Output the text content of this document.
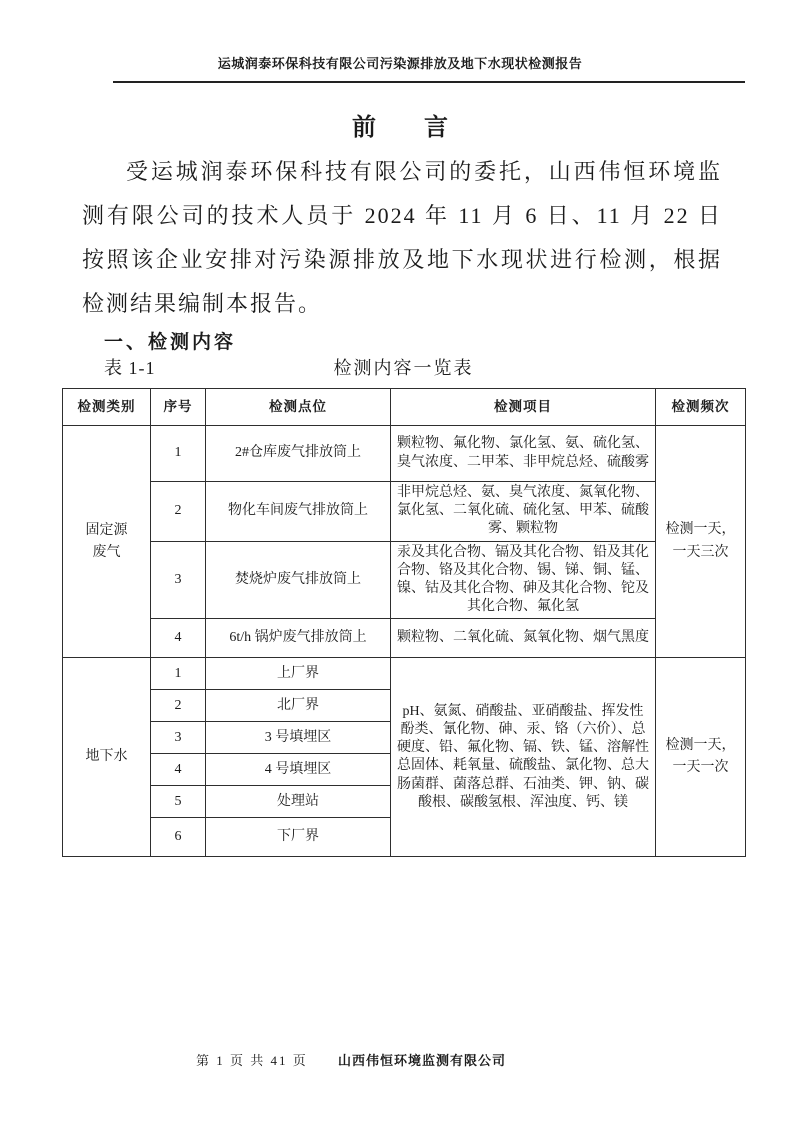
运城润泰环保科技有限公司污染源排放及地下水现状检测报告
前　　言
受运城润泰环保科技有限公司的委托，山西伟恒环境监测有限公司的技术人员于 2024 年 11 月 6 日、11 月 22 日按照该企业安排对污染源排放及地下水现状进行检测，根据检测结果编制本报告。
一、检测内容
表 1-1	检测内容一览表
检测类别	序号	检测点位	检测项目	检测频次
固定源废气	1	2#仓库废气排放筒上	颗粒物、氟化物、氯化氢、氨、硫化氢、臭气浓度、二甲苯、非甲烷总烃、硫酸雾	检测一天，一天三次
	2	物化车间废气排放筒上	非甲烷总烃、氨、臭气浓度、氮氧化物、氯化氢、二氧化硫、硫化氢、甲苯、硫酸雾、颗粒物	
	3	焚烧炉废气排放筒上	汞及其化合物、镉及其化合物、铅及其化合物、铬及其化合物、锡、锑、铜、锰、镍、钴及其化合物、砷及其化合物、铊及其化合物、氟化氢	
	4	6t/h 锅炉废气排放筒上	颗粒物、二氧化硫、氮氧化物、烟气黑度	
地下水	1	上厂界	pH、氨氮、硝酸盐、亚硝酸盐、挥发性酚类、氰化物、砷、汞、铬（六价）、总硬度、铅、氟化物、镉、铁、锰、溶解性总固体、耗氧量、硫酸盐、氯化物、总大肠菌群、菌落总群、石油类、钾、钠、碳酸根、碳酸氢根、浑浊度、钙、镁	检测一天，一天一次
	2	北厂界		
	3	3 号填埋区		
	4	4 号填埋区		
	5	处理站		
	6	下厂界		
第 1 页 共 41 页 山西伟恒环境监测有限公司
